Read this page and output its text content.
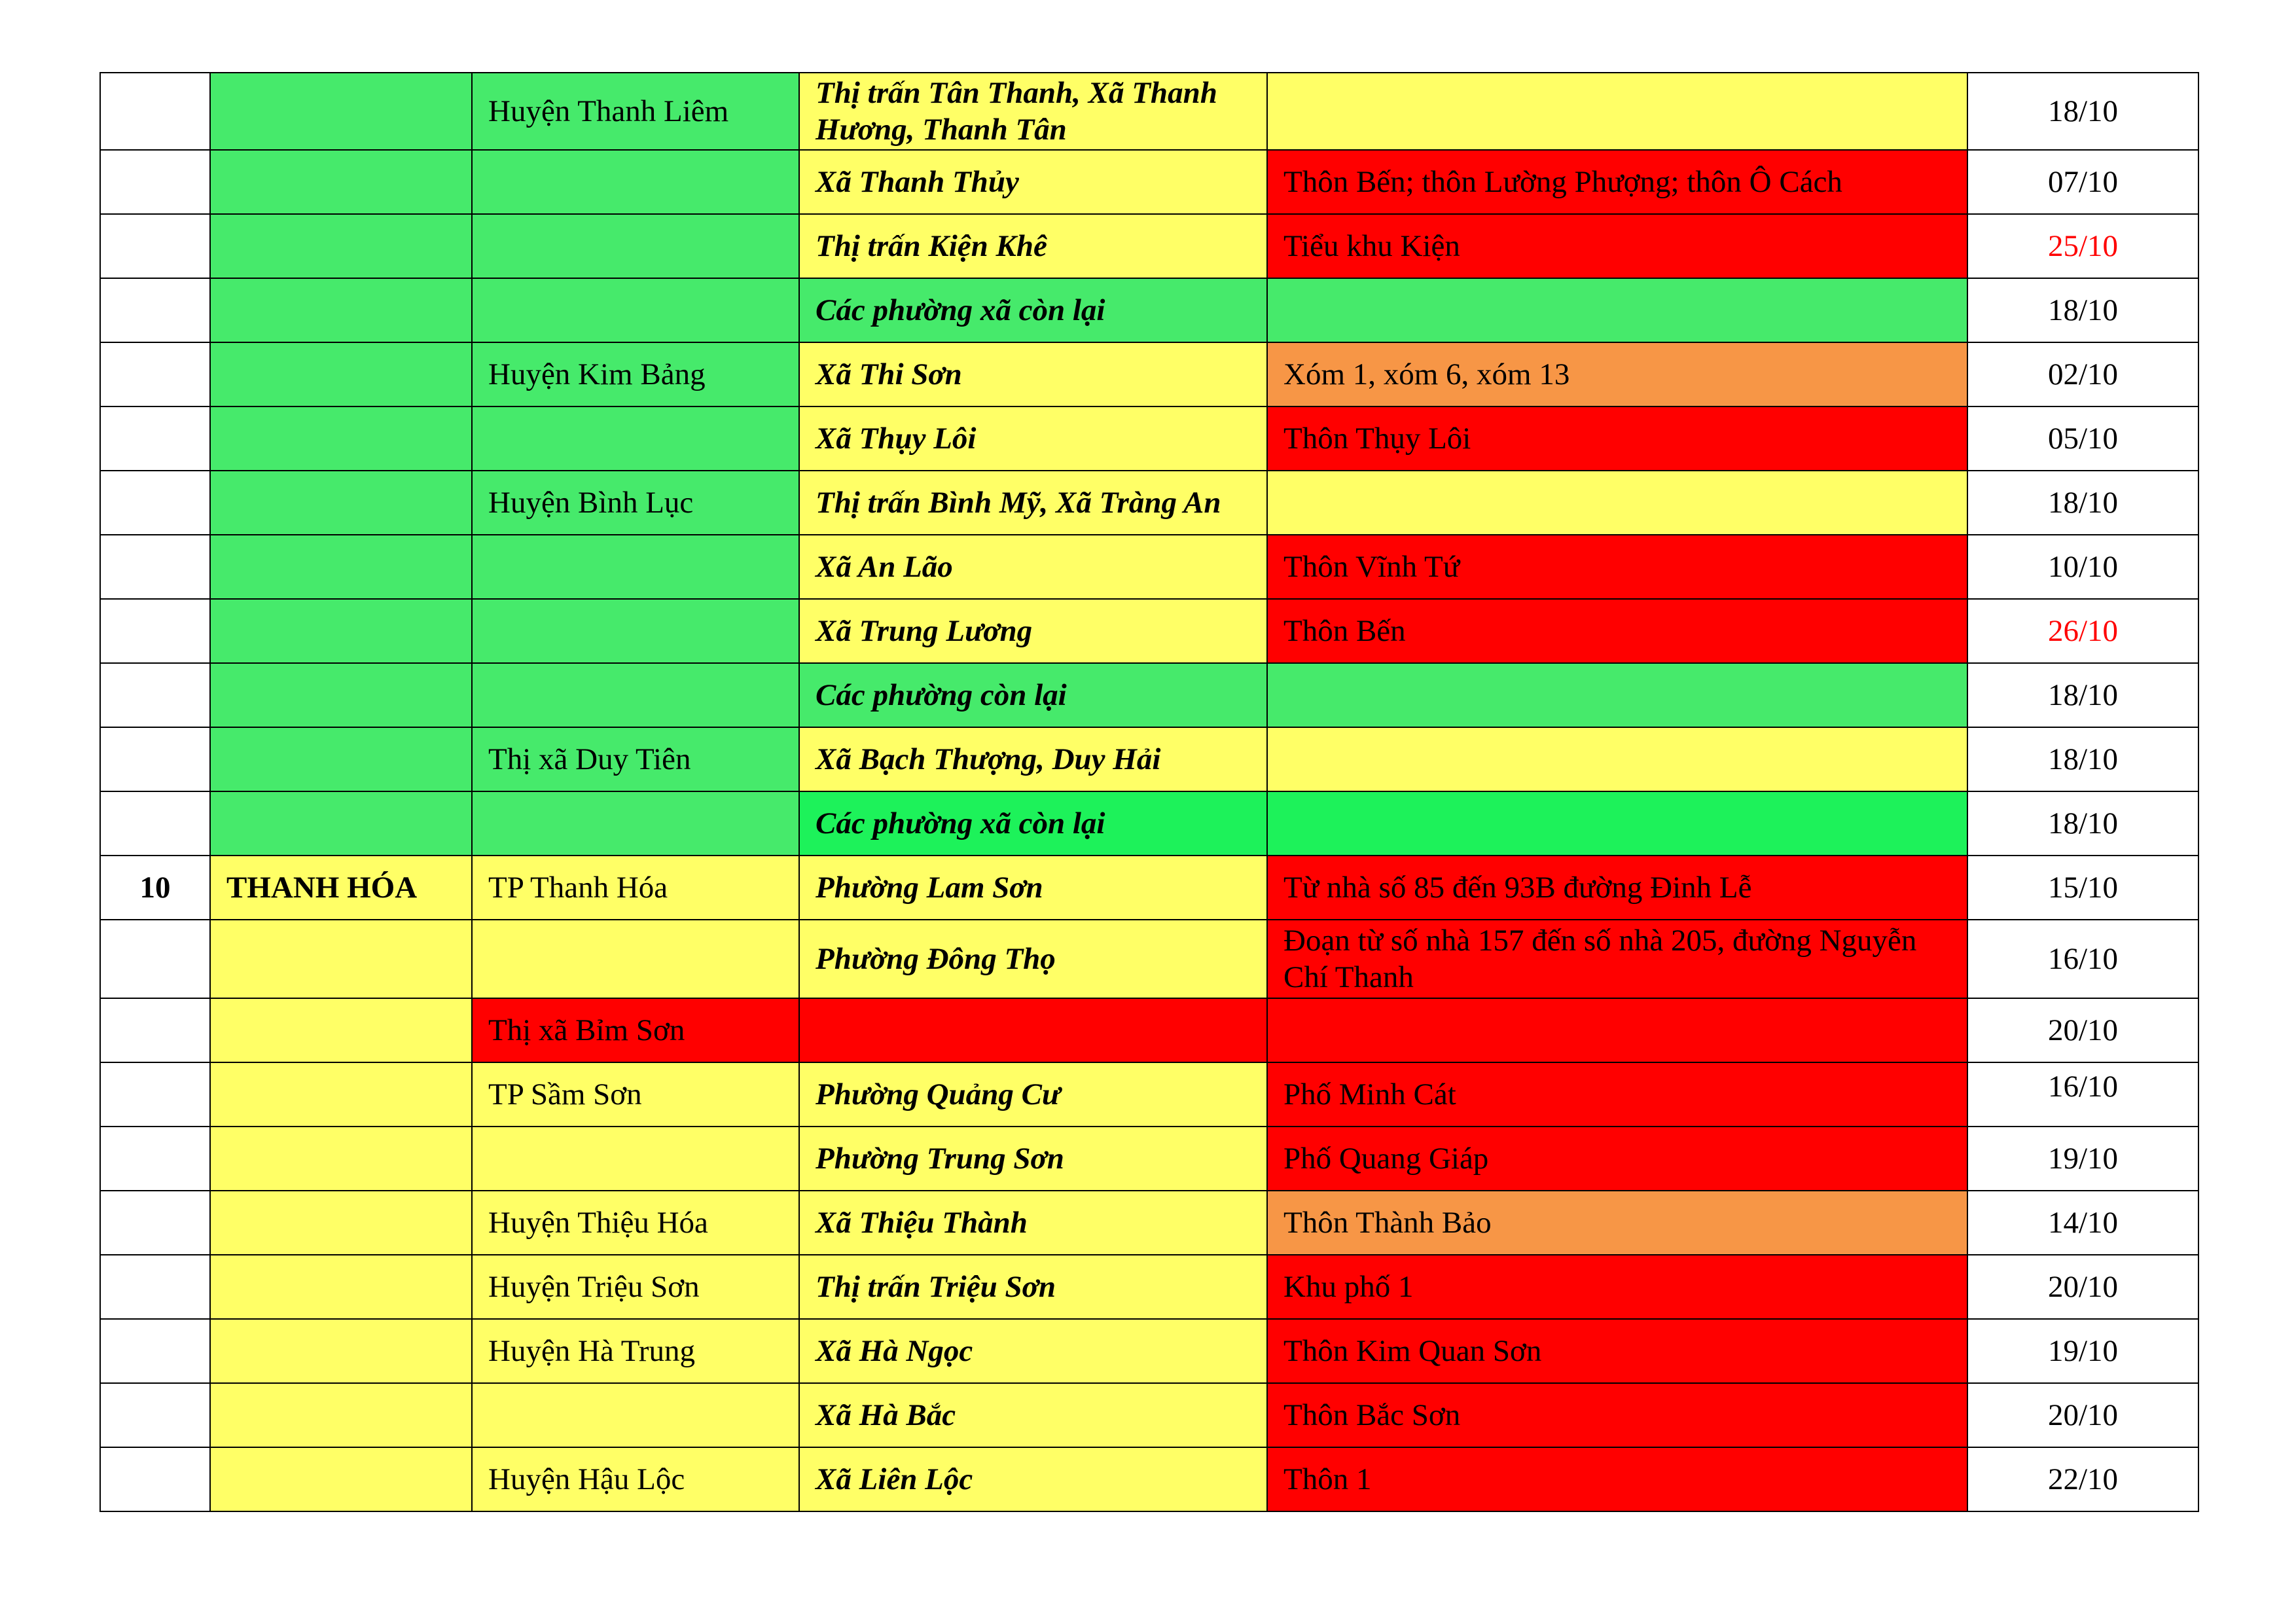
		Huyện Thanh Liêm	Thị trấn Tân Thanh, Xã Thanh Hương, Thanh Tân		18/10
			Xã Thanh Thủy	Thôn Bến; thôn Lường Phượng; thôn Ô Cách	07/10
			Thị trấn Kiện Khê	Tiểu khu Kiện	25/10
			Các phường xã còn lại		18/10
		Huyện Kim Bảng	Xã Thi Sơn	Xóm 1, xóm 6, xóm 13	02/10
			Xã Thụy Lôi	Thôn Thụy Lôi	05/10
		Huyện Bình Lục	Thị trấn Bình Mỹ, Xã Tràng An		18/10
			Xã An Lão	Thôn Vĩnh Tứ	10/10
			Xã Trung Lương	Thôn Bến	26/10
			Các phường còn lại		18/10
		Thị xã Duy Tiên	Xã Bạch Thượng, Duy Hải		18/10
			Các phường xã còn lại		18/10
10	THANH HÓA	TP Thanh Hóa	Phường Lam Sơn	Từ nhà số 85 đến 93B đường Đinh Lễ	15/10
			Phường Đông Thọ	Đoạn từ số nhà 157 đến số nhà 205, đường Nguyễn Chí Thanh	16/10
		Thị xã Bỉm Sơn			20/10
		TP Sầm Sơn	Phường Quảng Cư	Phố Minh Cát	16/10
			Phường Trung Sơn	Phố Quang Giáp	19/10
		Huyện Thiệu Hóa	Xã Thiệu Thành	Thôn Thành Bảo	14/10
		Huyện Triệu Sơn	Thị trấn Triệu Sơn	Khu phố 1	20/10
		Huyện Hà Trung	Xã Hà Ngọc	Thôn Kim Quan Sơn	19/10
			Xã Hà Bắc	Thôn Bắc Sơn	20/10
		Huyện Hậu Lộc	Xã Liên Lộc	Thôn 1	22/10
